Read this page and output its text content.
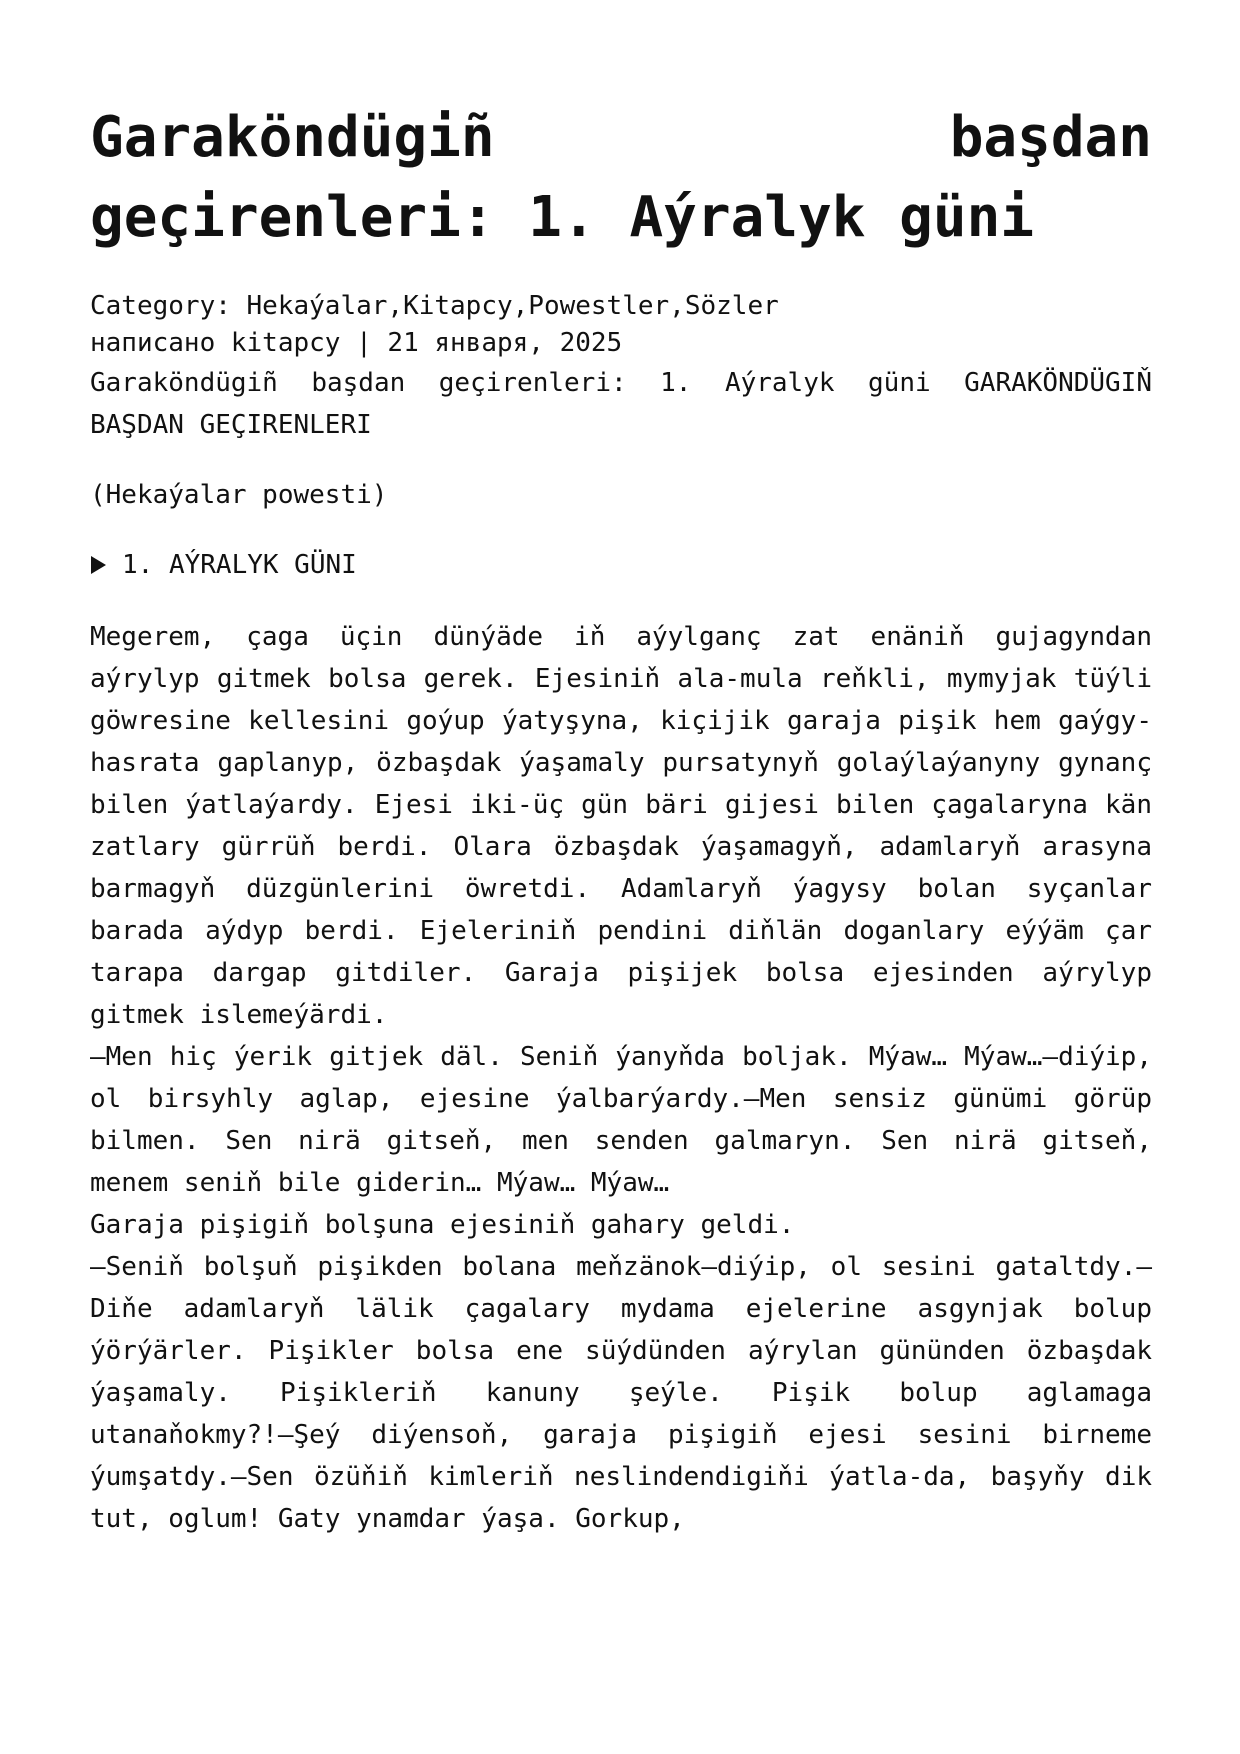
Garaköndügiñ başdan geçirenleri: 1. Aýralyk güni
Category: Hekaýalar,Kitapcy,Powestler,Sözler
написано kitapcy | 21 января, 2025

Garaköndügiñ başdan geçirenleri: 1. Aýralyk güni GARAKÖNDÜGIŇ BAŞDAN GEÇIRENLERI

(Hekaýalar powesti)

1. AÝRALYK GÜNI

Megerem, çaga üçin dünýäde iň aýylganç zat enäniň gujagyndan aýrylyp gitmek bolsa gerek. Ejesiniň ala-mula reňkli, mymyjak tüýli göwresine kellesini goýup ýatyşyna, kiçijik garaja pişik hem gaýgy-hasrata gaplanyp, özbaşdak ýaşamaly pursatynyň golaýlaýanyny gynanç bilen ýatlaýardy. Ejesi iki-üç gün bäri gijesi bilen çagalaryna kän zatlary gürrüň berdi. Olara özbaşdak ýaşamagyň, adamlaryň arasyna barmagyň düzgünlerini öwretdi. Adamlaryň ýagysy bolan syçanlar barada aýdyp berdi. Ejeleriniň pendini diňlän doganlary eýýäm çar tarapa dargap gitdiler. Garaja pişijek bolsa ejesinden aýrylyp gitmek islemeýärdi.

—Men hiç ýerik gitjek däl. Seniň ýanyňda boljak. Mýaw… Mýaw…—diýip, ol birsyhly aglap, ejesine ýalbarýardy.—Men sensiz günümi görüp bilmen. Sen nirä gitseň, men senden galmaryn. Sen nirä gitseň, menem seniň bile giderin… Mýaw… Mýaw…

Garaja pişigiň bolşuna ejesiniň gahary geldi.

—Seniň bolşuň pişikden bolana meňzänok—diýip, ol sesini gataltdy.—Diňe adamlaryň lälik çagalary mydama ejelerine asgynjak bolup ýörýärler. Pişikler bolsa ene süýdünden aýrylan gününden özbaşdak ýaşamaly. Pişikleriň kanuny şeýle. Pişik bolup aglamaga utanaňokmy?!—Şeý diýensoň, garaja pişigiň ejesi sesini birneme ýumşatdy.—Sen özüňiň kimleriň neslindendigiňi ýatla-da, başyňy dik tut, oglum! Gaty ynamdar ýaşa. Gorkup,
